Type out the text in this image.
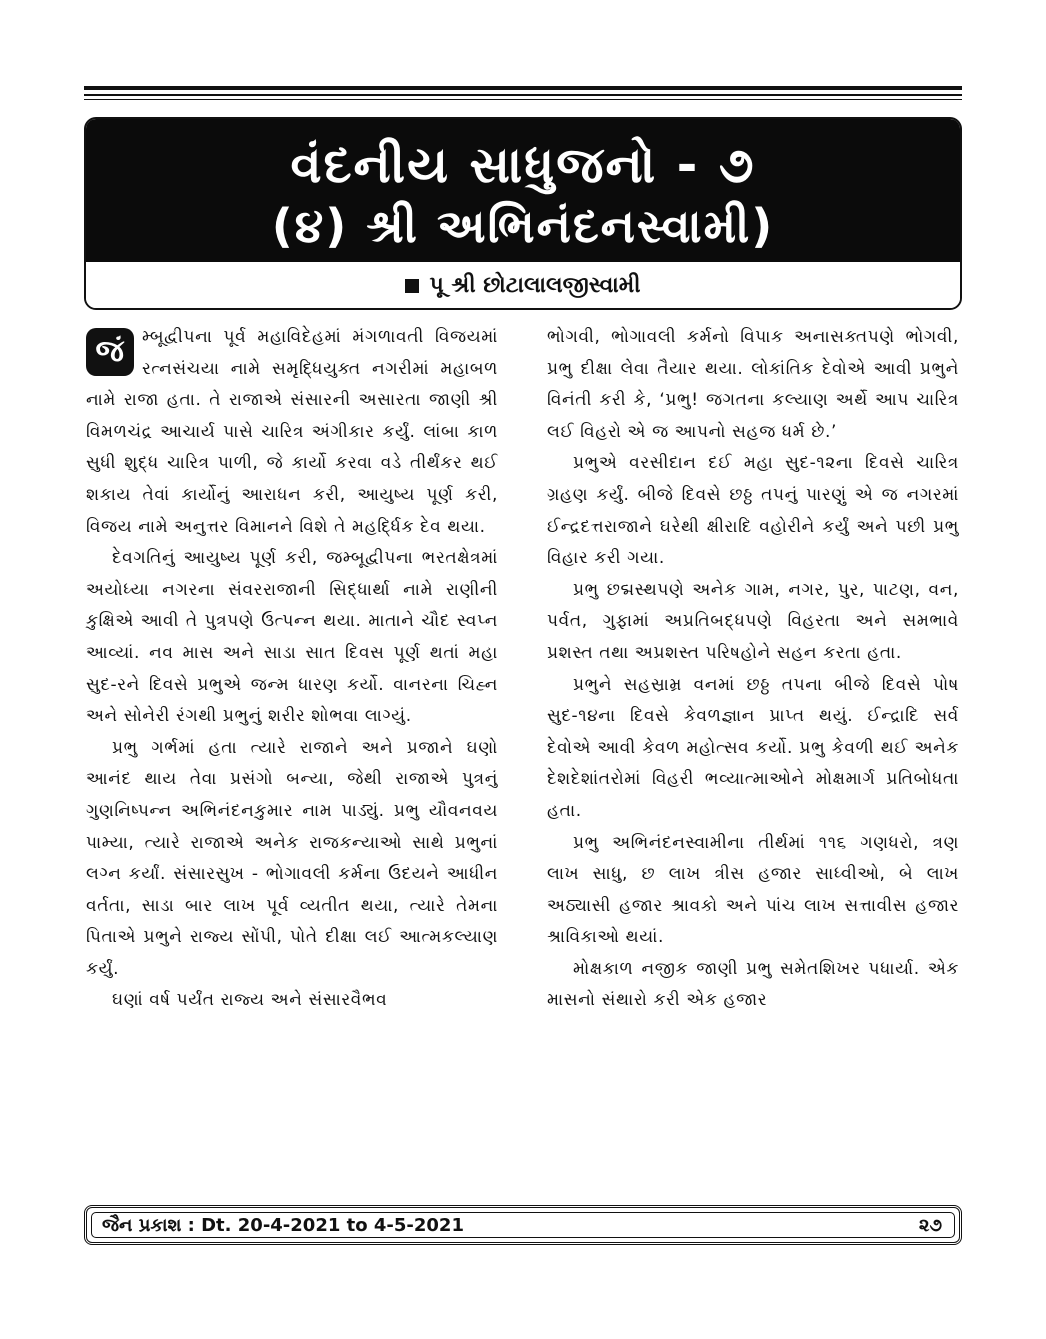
વંદનીય સાધુજનો - ૭
(૪) શ્રી અભિનંદનસ્વામી)
પૂ શ્રી છોટાલાલજીસ્વામી

જં	મ્બૂદ્વીપના પૂર્વ મહાવિદેહમાં મંગળાવતી વિજયમાં રત્નસંચયા નામે સમૃદ્ધિયુક્ત નગરીમાં મહાબળ નામે રાજા હતા. તે રાજાએ સંસારની અસારતા જાણી શ્રી વિમળચંદ્ર આચાર્ય પાસે ચારિત્ર અંગીકાર કર્યું. લાંબા કાળ સુધી શુદ્ધ ચારિત્ર પાળી, જે કાર્યો કરવા વડે તીર્થંકર થઈ શકાય તેવાં કાર્યોનું આરાધન કરી, આયુષ્ય પૂર્ણ કરી, વિજય નામે અનુત્તર વિમાનને વિશે તે મહર્દ્ધિક દેવ થયા.

દેવગતિનું આયુષ્ય પૂર્ણ કરી, જમ્બૂદ્વીપના ભરતક્ષેત્રમાં અયોધ્યા નગરના સંવરરાજાની સિદ્ધાર્થા નામે રાણીની કુક્ષિએ આવી તે પુત્રપણે ઉત્પન્ન થયા. માતાને ચૌદ સ્વપ્ન આવ્યાં. નવ માસ અને સાડા સાત દિવસ પૂર્ણ થતાં મહા સુદ-રને દિવસે પ્રભુએ જન્મ ધારણ કર્યો. વાનરના ચિહ્ન અને સોનેરી રંગથી પ્રભુનું શરીર શોભવા લાગ્યું.

પ્રભુ ગર્ભમાં હતા ત્યારે રાજાને અને પ્રજાને ઘણો આનંદ થાય તેવા પ્રસંગો બન્યા, જેથી રાજાએ પુત્રનું ગુણનિષ્પન્ન અભિનંદનકુમાર નામ પાડ્યું. પ્રભુ યૌવનવય પામ્યા, ત્યારે રાજાએ અનેક રાજકન્યાઓ સાથે પ્રભુનાં લગ્ન કર્યાં. સંસારસુખ - ભોગાવલી કર્મના ઉદયને આધીન વર્તતા, સાડા બાર લાખ પૂર્વ વ્યતીત થયા, ત્યારે તેમના પિતાએ પ્રભુને રાજ્ય સોંપી, પોતે દીક્ષા લઈ આત્મકલ્યાણ કર્યું.

ઘણાં વર્ષ પર્યંત રાજ્ય અને સંસારવૈભવ

ભોગવી, ભોગાવલી કર્મનો વિપાક અનાસક્તપણે ભોગવી, પ્રભુ દીક્ષા લેવા તૈયાર થયા. લોકાંતિક દેવોએ આવી પ્રભુને વિનંતી કરી કે, ‘પ્રભુ! જગતના કલ્યાણ અર્થે આપ ચારિત્ર લઈ વિહરો એ જ આપનો સહજ ધર્મ છે.’

પ્રભુએ વરસીદાન દઈ મહા સુદ-૧૨ના દિવસે ચારિત્ર ગ્રહણ કર્યું. બીજે દિવસે છઠ્ઠ તપનું પારણું એ જ નગરમાં ઈન્દ્રદત્તરાજાને ઘરેથી ક્ષીરાદિ વહોરીને કર્યું અને પછી પ્રભુ વિહાર કરી ગયા.

પ્રભુ છદ્મસ્થપણે અનેક ગામ, નગર, પુર, પાટણ, વન, પર્વત, ગુફામાં અપ્રતિબદ્ધપણે વિહરતા અને સમભાવે પ્રશસ્ત તથા અપ્રશસ્ત પરિષહોને સહન કરતા હતા.

પ્રભુને સહસ્રામ્ર વનમાં છઠ્ઠ તપના બીજે દિવસે પોષ સુદ-૧૪ના દિવસે કેવળજ્ઞાન પ્રાપ્ત થયું. ઈન્દ્રાદિ સર્વ દેવોએ આવી કેવળ મહોત્સવ કર્યો. પ્રભુ કેવળી થઈ અનેક દેશદેશાંતરોમાં વિહરી ભવ્યાત્માઓને મોક્ષમાર્ગ પ્રતિબોધતા હતા.

પ્રભુ અભિનંદનસ્વામીના તીર્થમાં ૧૧૬ ગણધરો, ત્રણ લાખ સાધુ, છ લાખ ત્રીસ હજાર સાધ્વીઓ, બે લાખ અઠ્યાસી હજાર શ્રાવકો અને પાંચ લાખ સત્તાવીસ હજાર શ્રાવિકાઓ થયાં.

મોક્ષકાળ નજીક જાણી પ્રભુ સમેતશિખર પધાર્યા. એક માસનો સંથારો કરી એક હજાર

જૈન પ્રકાશ : Dt. 20-4-2021 to 4-5-2021	૨૭
